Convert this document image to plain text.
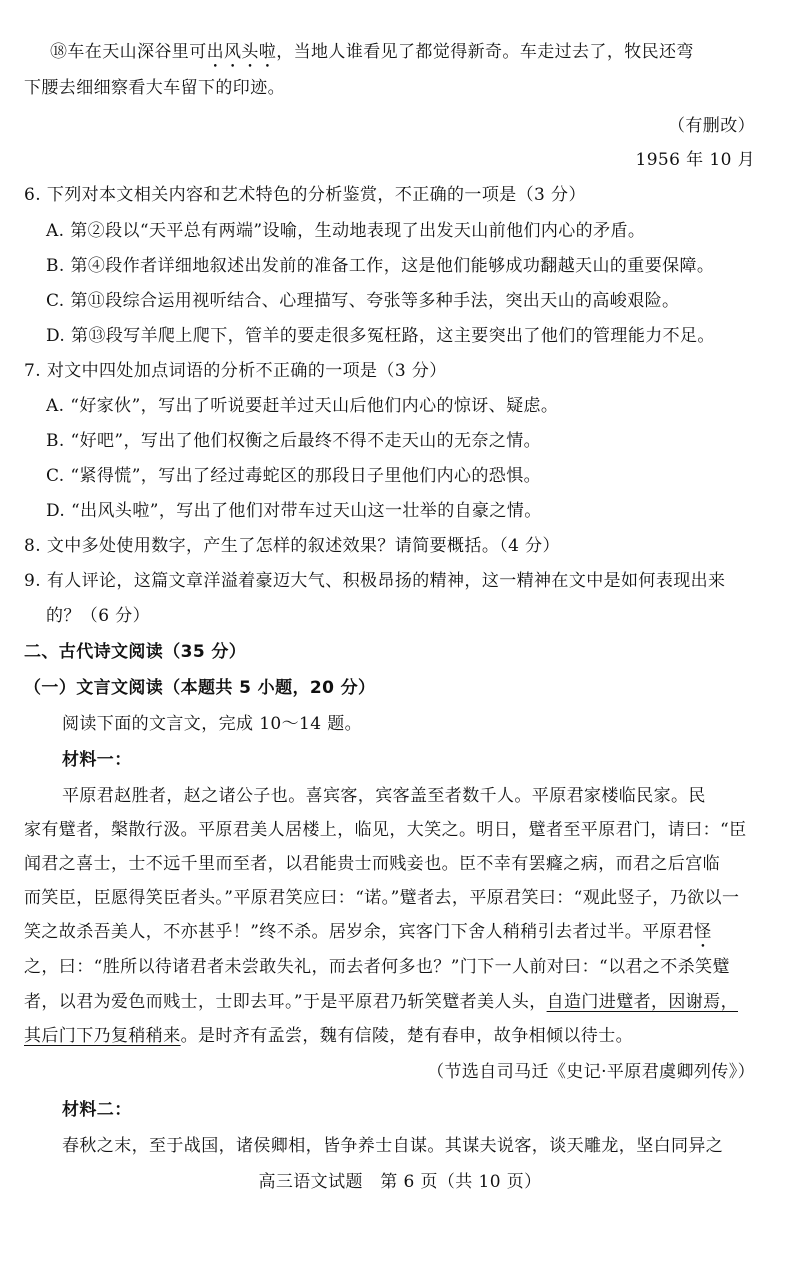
⑱车在天山深谷里可出风头啦，当地人谁看见了都觉得新奇。车走过去了，牧民还弯
下腰去细细察看大车留下的印迹。
（有删改）
1956 年 10 月
6. 下列对本文相关内容和艺术特色的分析鉴赏，不正确的一项是（3 分）
A. 第②段以“天平总有两端”设喻，生动地表现了出发天山前他们内心的矛盾。
B. 第④段作者详细地叙述出发前的准备工作，这是他们能够成功翻越天山的重要保障。
C. 第⑪段综合运用视听结合、心理描写、夸张等多种手法，突出天山的高峻艰险。
D. 第⑬段写羊爬上爬下，管羊的要走很多冤枉路，这主要突出了他们的管理能力不足。
7. 对文中四处加点词语的分析不正确的一项是（3 分）
A. “好家伙”，写出了听说要赶羊过天山后他们内心的惊讶、疑虑。
B. “好吧”，写出了他们权衡之后最终不得不走天山的无奈之情。
C. “紧得慌”，写出了经过毒蛇区的那段日子里他们内心的恐惧。
D. “出风头啦”，写出了他们对带车过天山这一壮举的自豪之情。
8. 文中多处使用数字，产生了怎样的叙述效果？请简要概括。（4 分）
9. 有人评论，这篇文章洋溢着豪迈大气、积极昂扬的精神，这一精神在文中是如何表现出来
的？（6 分）
二、古代诗文阅读（35 分）
（一）文言文阅读（本题共 5 小题，20 分）
阅读下面的文言文，完成 10～14 题。
材料一：
平原君赵胜者，赵之诸公子也。喜宾客，宾客盖至者数千人。平原君家楼临民家。民
家有躄者，槃散行汲。平原君美人居楼上，临见，大笑之。明日，躄者至平原君门，请曰：“臣
闻君之喜士，士不远千里而至者，以君能贵士而贱妾也。臣不幸有罢癃之病，而君之后宫临
而笑臣，臣愿得笑臣者头。”平原君笑应曰：“诺。”躄者去，平原君笑曰：“观此竖子，乃欲以一
笑之故杀吾美人，不亦甚乎！”终不杀。居岁余，宾客门下舍人稍稍引去者过半。平原君怪
之，曰：“胜所以待诸君者未尝敢失礼，而去者何多也？”门下一人前对曰：“以君之不杀笑躄
者，以君为爱色而贱士，士即去耳。”于是平原君乃斩笑躄者美人头，自造门进躄者，因谢焉，
其后门下乃复稍稍来。是时齐有孟尝，魏有信陵，楚有春申，故争相倾以待士。
（节选自司马迁《史记·平原君虞卿列传》）
材料二：
春秋之末，至于战国，诸侯卿相，皆争养士自谋。其谋夫说客，谈天雕龙，坚白同异之
高三语文试题　第 6 页（共 10 页）
